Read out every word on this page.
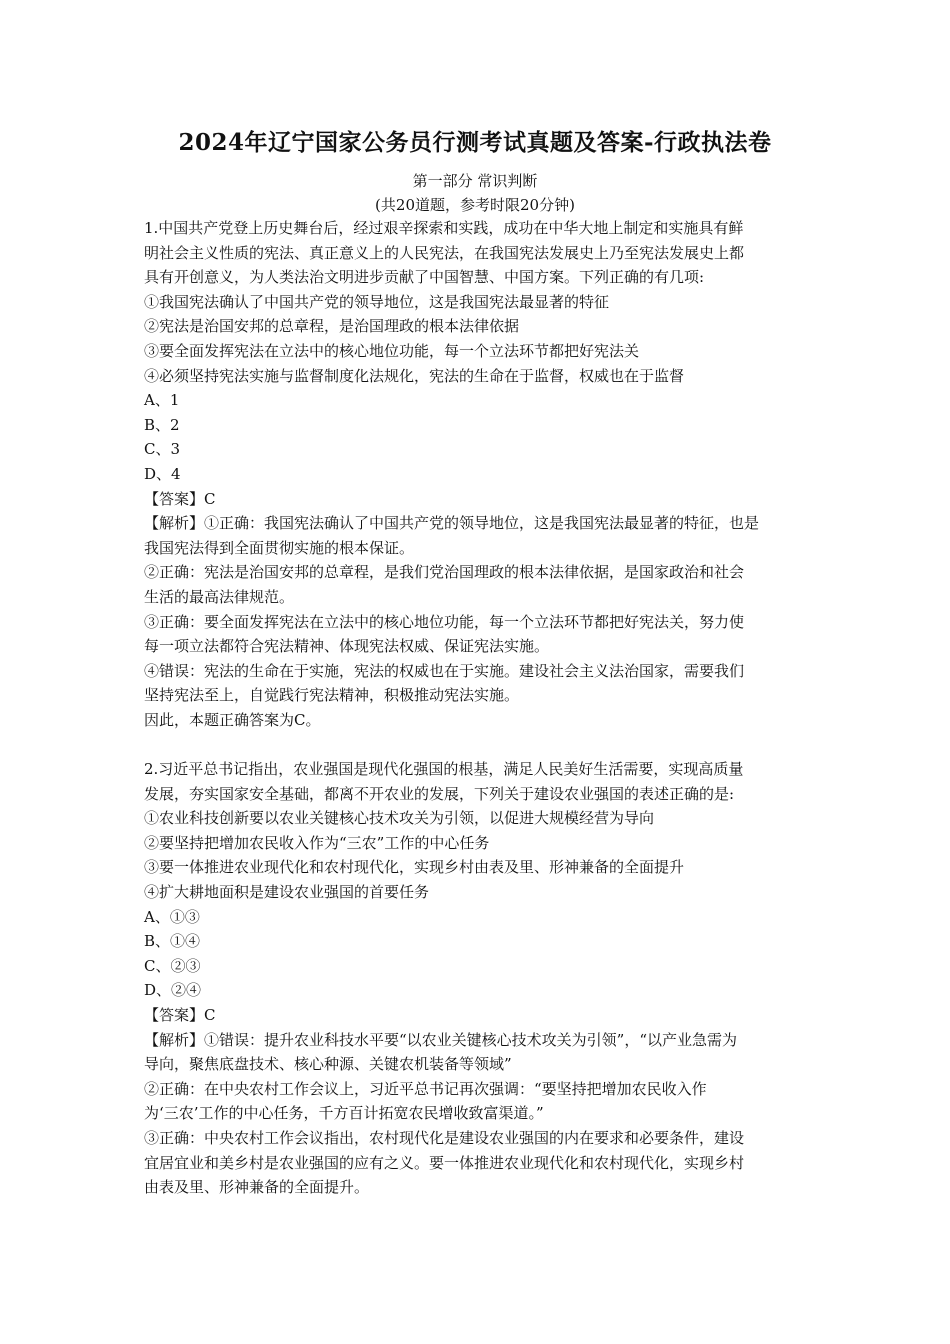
2024年辽宁国家公务员行测考试真题及答案-行政执法卷
第一部分 常识判断
(共20道题，参考时限20分钟)
1.中国共产党登上历史舞台后，经过艰辛探索和实践，成功在中华大地上制定和实施具有鲜
明社会主义性质的宪法、真正意义上的人民宪法，在我国宪法发展史上乃至宪法发展史上都
具有开创意义，为人类法治文明进步贡献了中国智慧、中国方案。下列正确的有几项:
①我国宪法确认了中国共产党的领导地位，这是我国宪法最显著的特征
②宪法是治国安邦的总章程，是治国理政的根本法律依据
③要全面发挥宪法在立法中的核心地位功能，每一个立法环节都把好宪法关
④必须坚持宪法实施与监督制度化法规化，宪法的生命在于监督，权威也在于监督
A、1
B、2
C、3
D、4
【答案】C
【解析】①正确：我国宪法确认了中国共产党的领导地位，这是我国宪法最显著的特征，也是
我国宪法得到全面贯彻实施的根本保证。
②正确：宪法是治国安邦的总章程，是我们党治国理政的根本法律依据，是国家政治和社会
生活的最高法律规范。
③正确：要全面发挥宪法在立法中的核心地位功能，每一个立法环节都把好宪法关，努力使
每一项立法都符合宪法精神、体现宪法权威、保证宪法实施。
④错误：宪法的生命在于实施，宪法的权威也在于实施。建设社会主义法治国家，需要我们
坚持宪法至上，自觉践行宪法精神，积极推动宪法实施。
因此，本题正确答案为C。
2.习近平总书记指出，农业强国是现代化强国的根基，满足人民美好生活需要，实现高质量
发展，夯实国家安全基础，都离不开农业的发展，下列关于建设农业强国的表述正确的是:
①农业科技创新要以农业关键核心技术攻关为引领，以促进大规模经营为导向
②要坚持把增加农民收入作为“三农”工作的中心任务
③要一体推进农业现代化和农村现代化，实现乡村由表及里、形神兼备的全面提升
④扩大耕地面积是建设农业强国的首要任务
A、①③
B、①④
C、②③
D、②④
【答案】C
【解析】①错误：提升农业科技水平要“以农业关键核心技术攻关为引领”，“以产业急需为
导向，聚焦底盘技术、核心种源、关键农机装备等领域”
②正确：在中央农村工作会议上，习近平总书记再次强调：“要坚持把增加农民收入作
为‘三农’工作的中心任务，千方百计拓宽农民增收致富渠道。”
③正确：中央农村工作会议指出，农村现代化是建设农业强国的内在要求和必要条件，建设
宜居宜业和美乡村是农业强国的应有之义。要一体推进农业现代化和农村现代化，实现乡村
由表及里、形神兼备的全面提升。
